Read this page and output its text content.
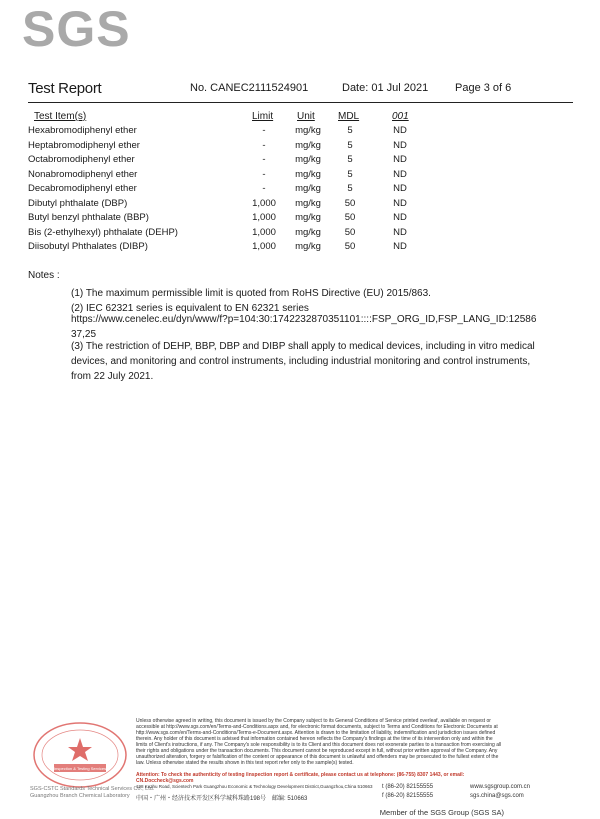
SGS
Test Report	No. CANEC2111524901	Date: 01 Jul 2021 Page 3 of 6
Test Item(s)	Limit Unit MDL	001
Hexabromodiphenyl ether	-	mg/kg	5	ND
Heptabromodiphenyl ether	-	mg/kg	5	ND
Octabromodiphenyl ether	-	mg/kg	5	ND
Nonabromodiphenyl ether	-	mg/kg	5	ND
Decabromodiphenyl ether	-	mg/kg	5	ND
Dibutyl phthalate (DBP)	1,000	mg/kg	50	ND
Butyl benzyl phthalate (BBP)	1,000	mg/kg	50	ND
Bis (2-ethylhexyl) phthalate (DEHP)	1,000	mg/kg	50	ND
Diisobutyl Phthalates (DIBP)	1,000	mg/kg	50	ND
Notes :
(1) The maximum permissible limit is quoted from RoHS Directive (EU) 2015/863.
(2) IEC 62321 series is equivalent to EN 62321 series
https://www.cenelec.eu/dyn/www/f?p=104:30:1742232870351101::::FSP_ORG_ID,FSP_LANG_ID:12586 37,25
(3) The restriction of DEHP, BBP, DBP and DIBP shall apply to medical devices, including in vitro medical devices, and monitoring and control instruments, including industrial monitoring and control instruments, from 22 July 2021.
Inspection & Testing Services
Unless otherwise agreed in writing, this document is issued by the Company subject to its General Conditions of Service printed overleaf, available on request or accessible at http://www.sgs.com/en/Terms-and-Conditions.aspx and, for electronic format documents, subject to Terms and Conditions for Electronic Documents at http://www.sgs.com/en/Terms-and-Conditions/Terms-e-Document.aspx. Attention is drawn to the limitation of liability, indemnification and jurisdiction issues defined therein. Any holder of this document is advised that information contained hereon reflects the Company's findings at the time of its intervention only and within the limits of Client's instructions, if any. The Company's sole responsibility is to its Client and this document does not exonerate parties to a transaction from exercising all their rights and obligations under the transaction documents. This document cannot be reproduced except in full, without prior written approval of the Company. Any unauthorized alteration, forgery or falsification of the content or appearance of this document is unlawful and offenders may be prosecuted to the fullest extent of the law. Unless otherwise stated the results shown in this test report refer only to the sample(s) tested.
Attention: To check the authenticity of testing /inspection report & certificate, please contact us at telephone: (86-755) 8307 1443, or email: CN.Doccheck@sgs.com
SGS-CSTC Standards Technical Services Co., Ltd.
Guangzhou Branch Chemical Laboratory
198 Kezhu Road, Scientech Park Guangzhou Economic & Technology Development District,Guangzhou,China 510663
中国・广州・经济技术开发区科学城科珠路198号　邮编: 510663
t (86-20) 82155555
f (86-20) 82155555
www.sgsgroup.com.cn
sgs.china@sgs.com
Member of the SGS Group (SGS SA)
